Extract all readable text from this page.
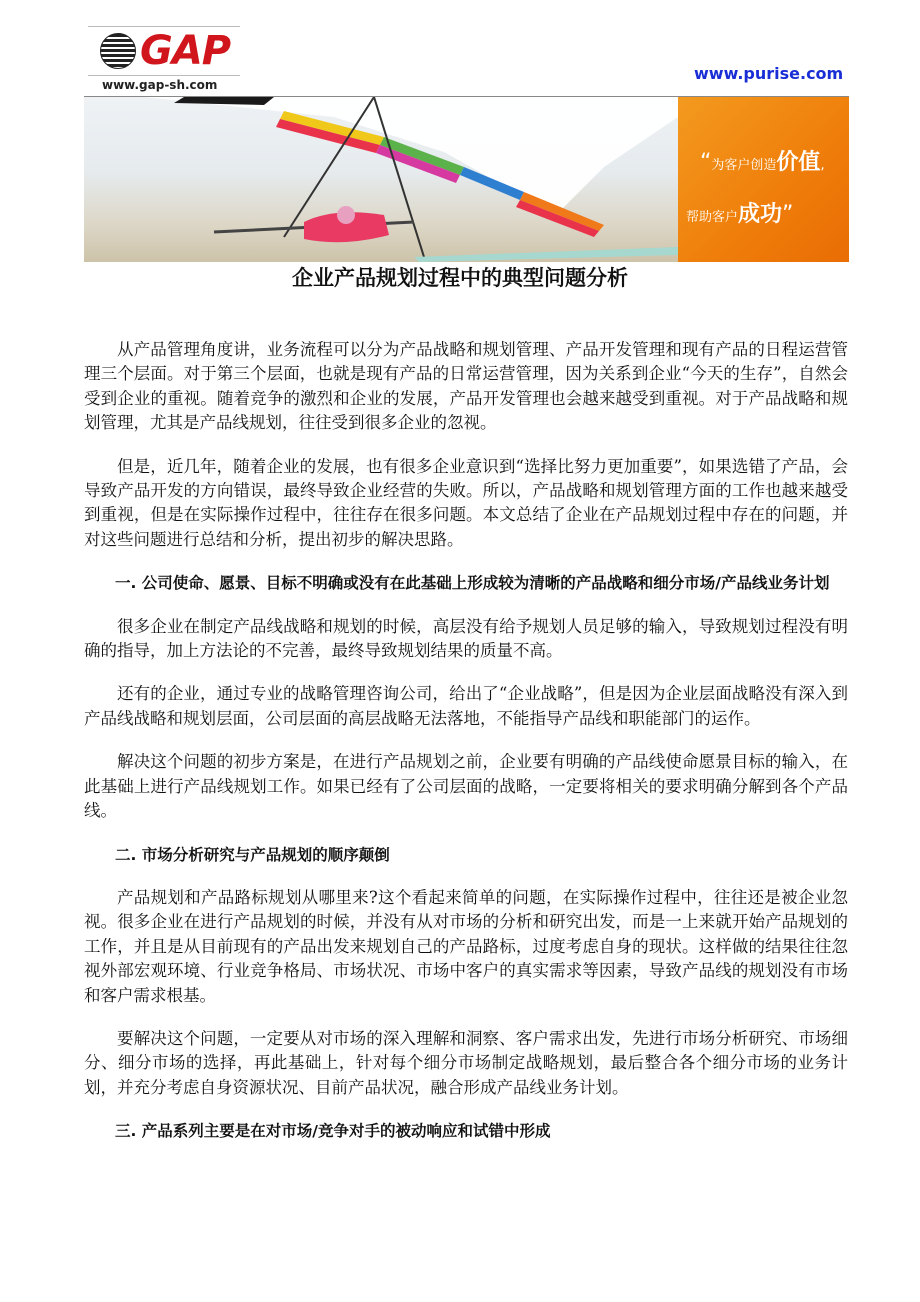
GAP
www.gap-sh.com
www.purise.com
“为客户创造价值,
帮助客户成功”
企业产品规划过程中的典型问题分析

从产品管理角度讲，业务流程可以分为产品战略和规划管理、产品开发管理和现有产品的日程运营管理三个层面。对于第三个层面，也就是现有产品的日常运营管理，因为关系到企业“今天的生存”，自然会受到企业的重视。随着竞争的激烈和企业的发展，产品开发管理也会越来越受到重视。对于产品战略和规划管理，尤其是产品线规划，往往受到很多企业的忽视。

但是，近几年，随着企业的发展，也有很多企业意识到“选择比努力更加重要”，如果选错了产品，会导致产品开发的方向错误，最终导致企业经营的失败。所以，产品战略和规划管理方面的工作也越来越受到重视，但是在实际操作过程中，往往存在很多问题。本文总结了企业在产品规划过程中存在的问题，并对这些问题进行总结和分析，提出初步的解决思路。

一. 公司使命、愿景、目标不明确或没有在此基础上形成较为清晰的产品战略和细分市场/产品线业务计划

很多企业在制定产品线战略和规划的时候，高层没有给予规划人员足够的输入，导致规划过程没有明确的指导，加上方法论的不完善，最终导致规划结果的质量不高。

还有的企业，通过专业的战略管理咨询公司，给出了“企业战略”，但是因为企业层面战略没有深入到产品线战略和规划层面，公司层面的高层战略无法落地，不能指导产品线和职能部门的运作。

解决这个问题的初步方案是，在进行产品规划之前，企业要有明确的产品线使命愿景目标的输入，在此基础上进行产品线规划工作。如果已经有了公司层面的战略，一定要将相关的要求明确分解到各个产品线。

二. 市场分析研究与产品规划的顺序颠倒

产品规划和产品路标规划从哪里来?这个看起来简单的问题，在实际操作过程中，往往还是被企业忽视。很多企业在进行产品规划的时候，并没有从对市场的分析和研究出发，而是一上来就开始产品规划的工作，并且是从目前现有的产品出发来规划自己的产品路标，过度考虑自身的现状。这样做的结果往往忽视外部宏观环境、行业竞争格局、市场状况、市场中客户的真实需求等因素，导致产品线的规划没有市场和客户需求根基。

要解决这个问题，一定要从对市场的深入理解和洞察、客户需求出发，先进行市场分析研究、市场细分、细分市场的选择，再此基础上，针对每个细分市场制定战略规划，最后整合各个细分市场的业务计划，并充分考虑自身资源状况、目前产品状况，融合形成产品线业务计划。

三. 产品系列主要是在对市场/竞争对手的被动响应和试错中形成
